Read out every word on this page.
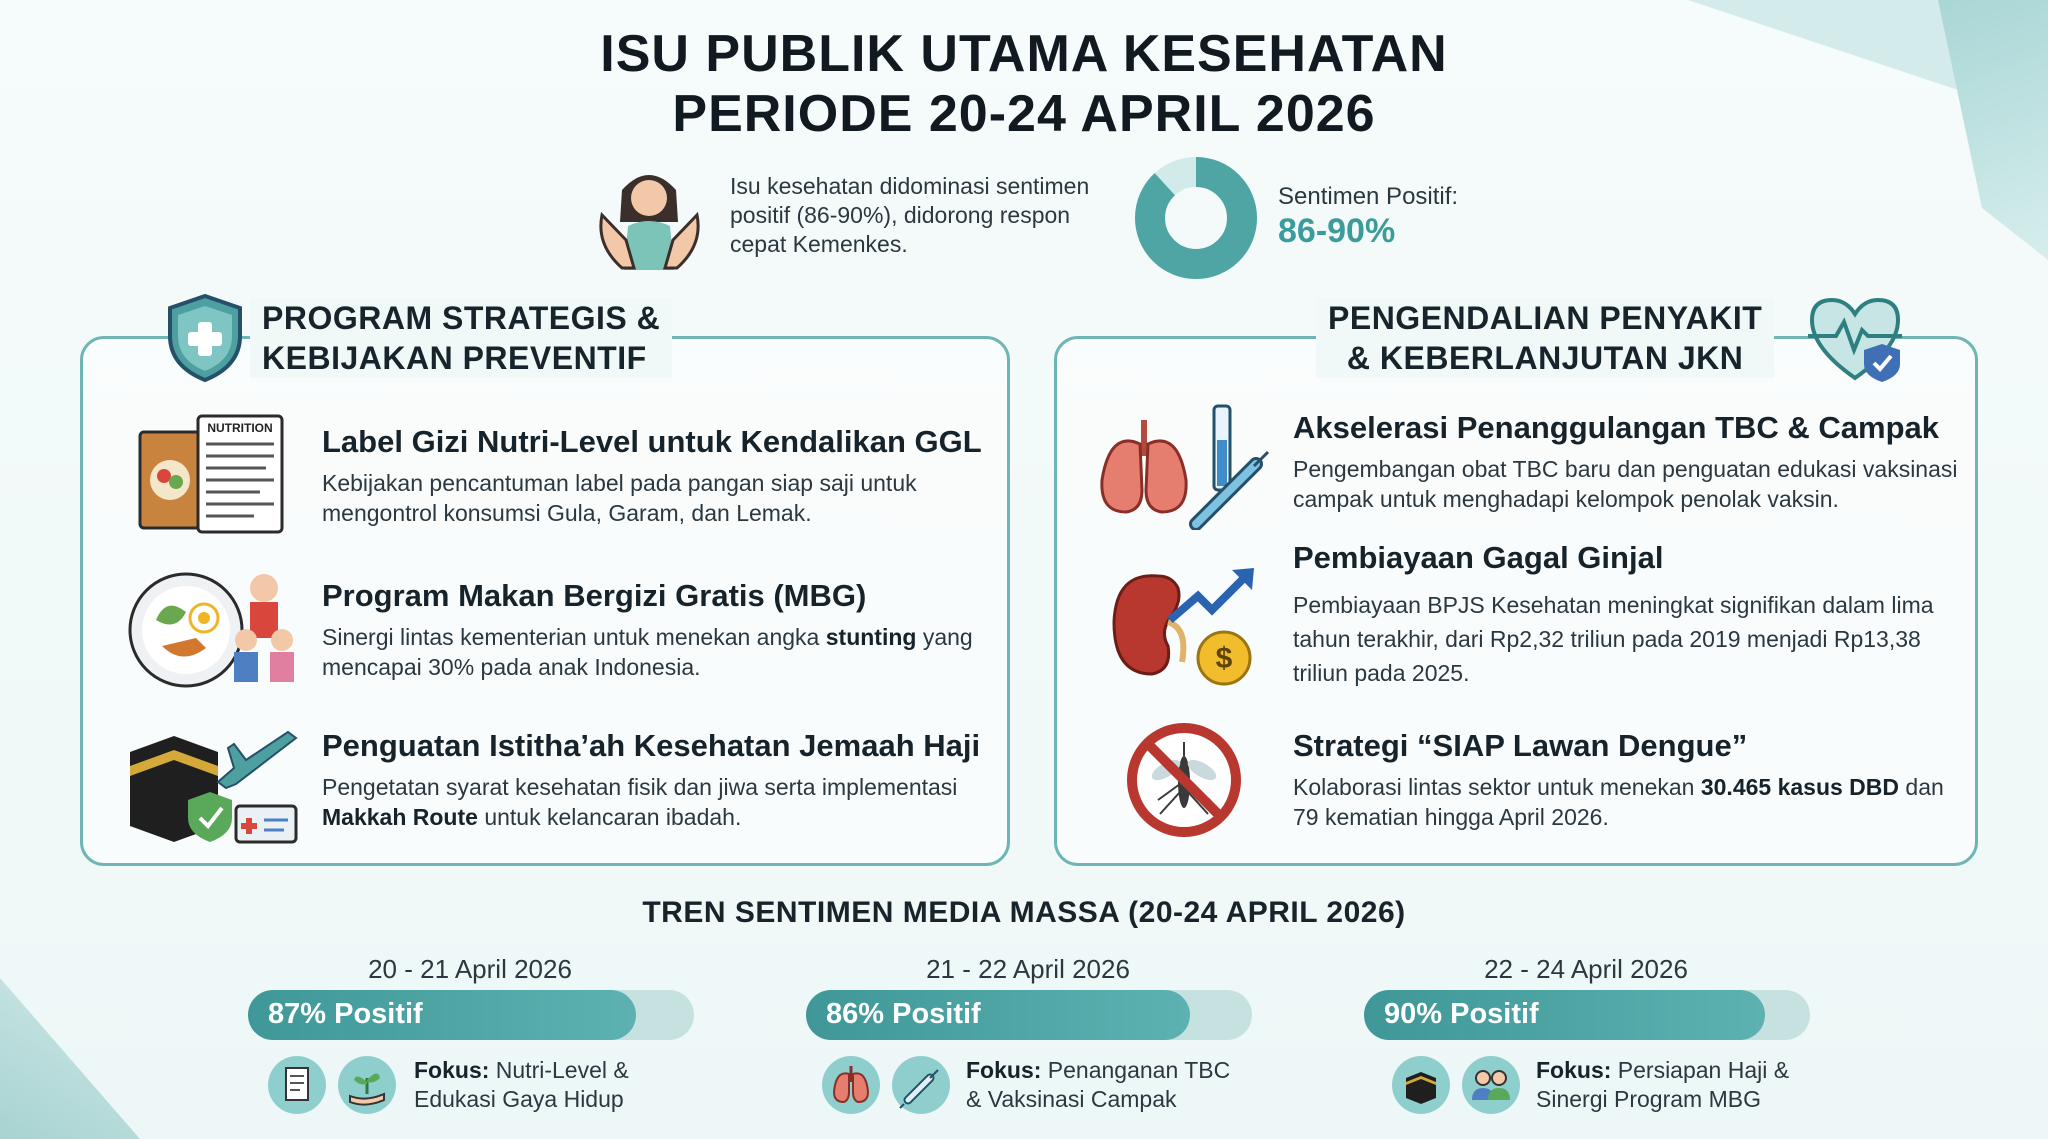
ISU PUBLIK UTAMA KESEHATAN
PERIODE 20-24 APRIL 2026
Isu kesehatan didominasi sentimen positif (86-90%), didorong respon cepat Kemenkes.
Sentimen Positif:
86-90%
PROGRAM STRATEGIS &
KEBIJAKAN PREVENTIF
NUTRITION Label Gizi Nutri-Level untuk Kendalikan GGL
Kebijakan pencantuman label pada pangan siap saji untuk mengontrol konsumsi Gula, Garam, dan Lemak.
Program Makan Bergizi Gratis (MBG)
Sinergi lintas kementerian untuk menekan angka stunting yang mencapai 30% pada anak Indonesia.
Penguatan Istitha’ah Kesehatan Jemaah Haji
Pengetatan syarat kesehatan fisik dan jiwa serta implementasi Makkah Route untuk kelancaran ibadah.
PENGENDALIAN PENYAKIT
& KEBERLANJUTAN JKN
Akselerasi Penanggulangan TBC & Campak
Pengembangan obat TBC baru dan penguatan edukasi vaksinasi campak untuk menghadapi kelompok penolak vaksin.
$
Pembiayaan Gagal Ginjal
Pembiayaan BPJS Kesehatan meningkat signifikan dalam lima tahun terakhir, dari Rp2,32 triliun pada 2019 menjadi Rp13,38 triliun pada 2025.
Strategi “SIAP Lawan Dengue”
Kolaborasi lintas sektor untuk menekan 30.465 kasus DBD dan 79 kematian hingga April 2026.
TREN SENTIMEN MEDIA MASSA (20-24 APRIL 2026)
20 - 21 April 2026
87% Positif
Fokus: Nutri-Level & Edukasi Gaya Hidup
21 - 22 April 2026
86% Positif
Fokus: Penanganan TBC & Vaksinasi Campak
22 - 24 April 2026
90% Positif
Fokus: Persiapan Haji & Sinergi Program MBG
